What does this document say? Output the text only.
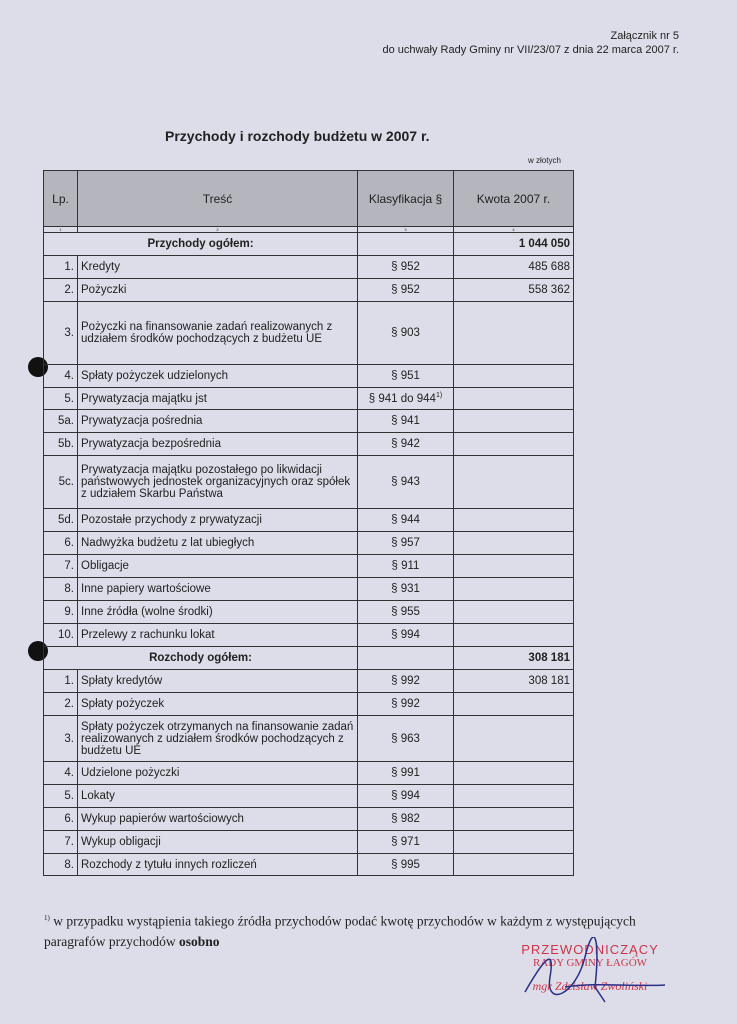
Załącznik nr 5
do uchwały Rady Gminy nr VII/23/07 z dnia 22 marca 2007 r.
Przychody i rozchody budżetu w 2007 r.
w złotych
Lp.	Treść	Klasyfikacja §	Kwota 2007 r.
1	2	3	4
Przychody ogółem:			1 044 050
1.	Kredyty	§ 952	485 688
2.	Pożyczki	§ 952	558 362
3.	Pożyczki na finansowanie zadań realizowanych z udziałem środków pochodzących z budżetu UE	§ 903	
4.	Spłaty pożyczek udzielonych	§ 951	
5.	Prywatyzacja majątku jst	§ 941 do 944$^{1)}$	
5a.	Prywatyzacja pośrednia	§ 941	
5b.	Prywatyzacja bezpośrednia	§ 942	
5c.	Prywatyzacja majątku pozostałego po likwidacji państwowych jednostek organizacyjnych oraz spółek z udziałem Skarbu Państwa	§ 943	
5d.	Pozostałe przychody z prywatyzacji	§ 944	
6.	Nadwyżka budżetu z lat ubiegłych	§ 957	
7.	Obligacje	§ 911	
8.	Inne papiery wartościowe	§ 931	
9.	Inne źródła (wolne środki)	§ 955	
10.	Przelewy z rachunku lokat	§ 994	
Rozchody ogółem:			308 181
1.	Spłaty kredytów	§ 992	308 181
2.	Spłaty pożyczek	§ 992	
3.	Spłaty pożyczek otrzymanych na finansowanie zadań realizowanych z udziałem środków pochodzących z budżetu UE	§ 963	
4.	Udzielone pożyczki	§ 991	
5.	Lokaty	§ 994	
6.	Wykup papierów wartościowych	§ 982	
7.	Wykup obligacji	§ 971	
8.	Rozchody z tytułu innych rozliczeń	§ 995	
$^{1)}$ w przypadku wystąpienia takiego źródła przychodów podać kwotę przychodów w każdym z występujących paragrafów przychodów osobno
PRZEWODNICZĄCY
RADY GMINY ŁAGÓW
mgr Zdzisław Zwoliński
